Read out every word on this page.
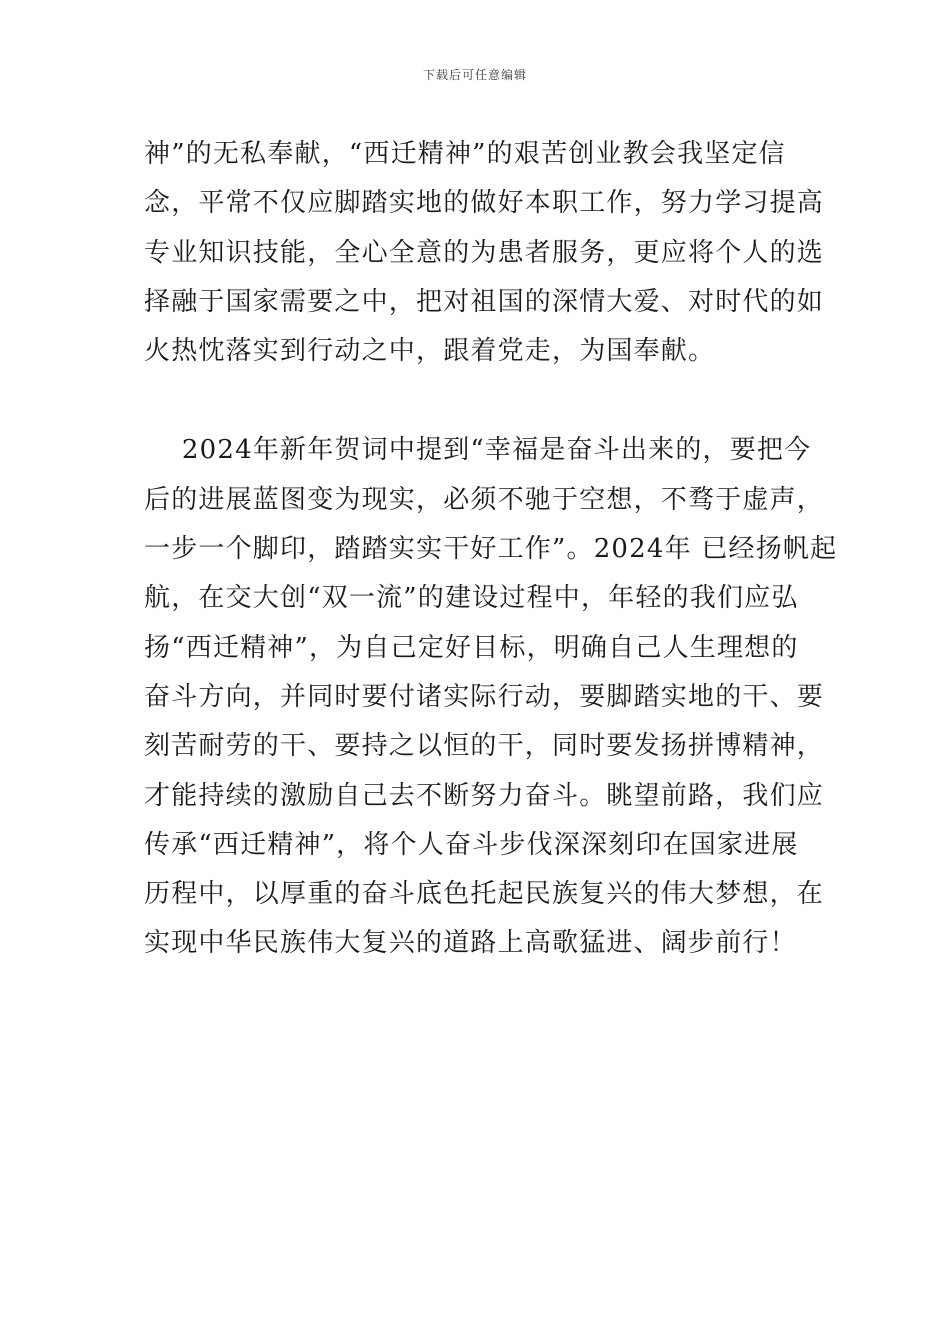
下载后可任意编辑
神”的无私奉献，“西迁精神”的艰苦创业教会我坚定信
念，平常不仅应脚踏实地的做好本职工作，努力学习提高
专业知识技能，全心全意的为患者服务，更应将个人的选
择融于国家需要之中，把对祖国的深情大爱、对时代的如
火热忱落实到行动之中，跟着党走，为国奉献。
2024年新年贺词中提到“幸福是奋斗出来的，要把今
后的进展蓝图变为现实，必须不驰于空想，不骛于虚声，
一步一个脚印，踏踏实实干好工作”。2024年 已经扬帆起
航，在交大创“双一流”的建设过程中，年轻的我们应弘
扬“西迁精神”，为自己定好目标，明确自己人生理想的
奋斗方向，并同时要付诸实际行动，要脚踏实地的干、要
刻苦耐劳的干、要持之以恒的干，同时要发扬拼博精神，
才能持续的激励自己去不断努力奋斗。眺望前路，我们应
传承“西迁精神”，将个人奋斗步伐深深刻印在国家进展
历程中，以厚重的奋斗底色托起民族复兴的伟大梦想，在
实现中华民族伟大复兴的道路上高歌猛进、阔步前行！
